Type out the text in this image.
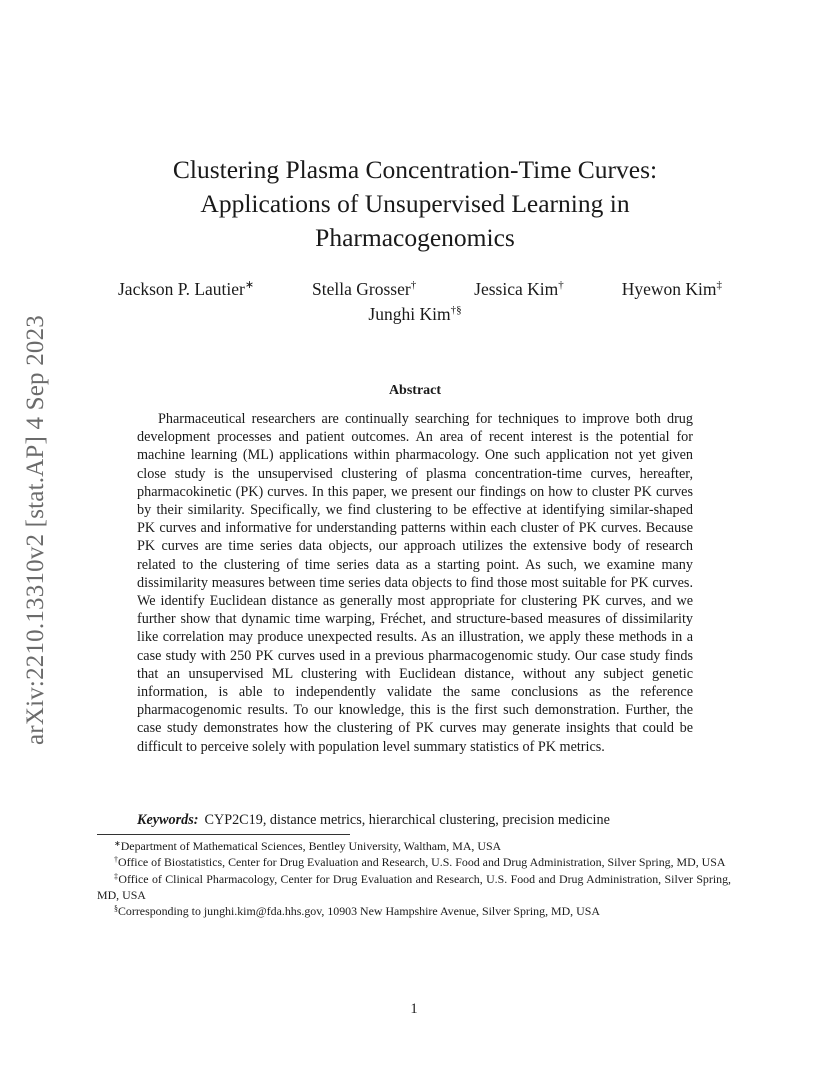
arXiv:2210.13310v2 [stat.AP] 4 Sep 2023
Clustering Plasma Concentration-Time Curves:
Applications of Unsupervised Learning in
Pharmacogenomics
Jackson P. Lautier∗	Stella Grosser†	Jessica Kim†	Hyewon Kim‡
Junghi Kim†§
Abstract

Pharmaceutical researchers are continually searching for techniques to improve both drug development processes and patient outcomes. An area of recent interest is the potential for machine learning (ML) applications within pharmacology. One such application not yet given close study is the unsupervised clustering of plasma concentration-time curves, hereafter, pharmacokinetic (PK) curves. In this paper, we present our findings on how to cluster PK curves by their similarity. Specifically, we find clustering to be effective at identifying similar-shaped PK curves and informative for understanding patterns within each cluster of PK curves. Because PK curves are time series data objects, our approach utilizes the extensive body of research related to the clustering of time series data as a starting point. As such, we examine many dissimilarity measures between time series data objects to find those most suitable for PK curves. We identify Euclidean distance as generally most appropriate for clustering PK curves, and we further show that dynamic time warping, Fréchet, and structure-based measures of dissimilarity like correlation may produce unexpected results. As an illustration, we apply these methods in a case study with 250 PK curves used in a previous pharmacogenomic study. Our case study finds that an unsupervised ML clustering with Euclidean distance, without any subject genetic information, is able to independently validate the same conclusions as the reference pharmacogenomic results. To our knowledge, this is the first such demonstration. Further, the case study demonstrates how the clustering of PK curves may generate insights that could be difficult to perceive solely with population level summary statistics of PK metrics.

Keywords: CYP2C19, distance metrics, hierarchical clustering, precision medicine

∗Department of Mathematical Sciences, Bentley University, Waltham, MA, USA

†Office of Biostatistics, Center for Drug Evaluation and Research, U.S. Food and Drug Administration, Silver Spring, MD, USA

‡Office of Clinical Pharmacology, Center for Drug Evaluation and Research, U.S. Food and Drug Administration, Silver Spring, MD, USA

§Corresponding to junghi.kim@fda.hhs.gov, 10903 New Hampshire Avenue, Silver Spring, MD, USA

1
